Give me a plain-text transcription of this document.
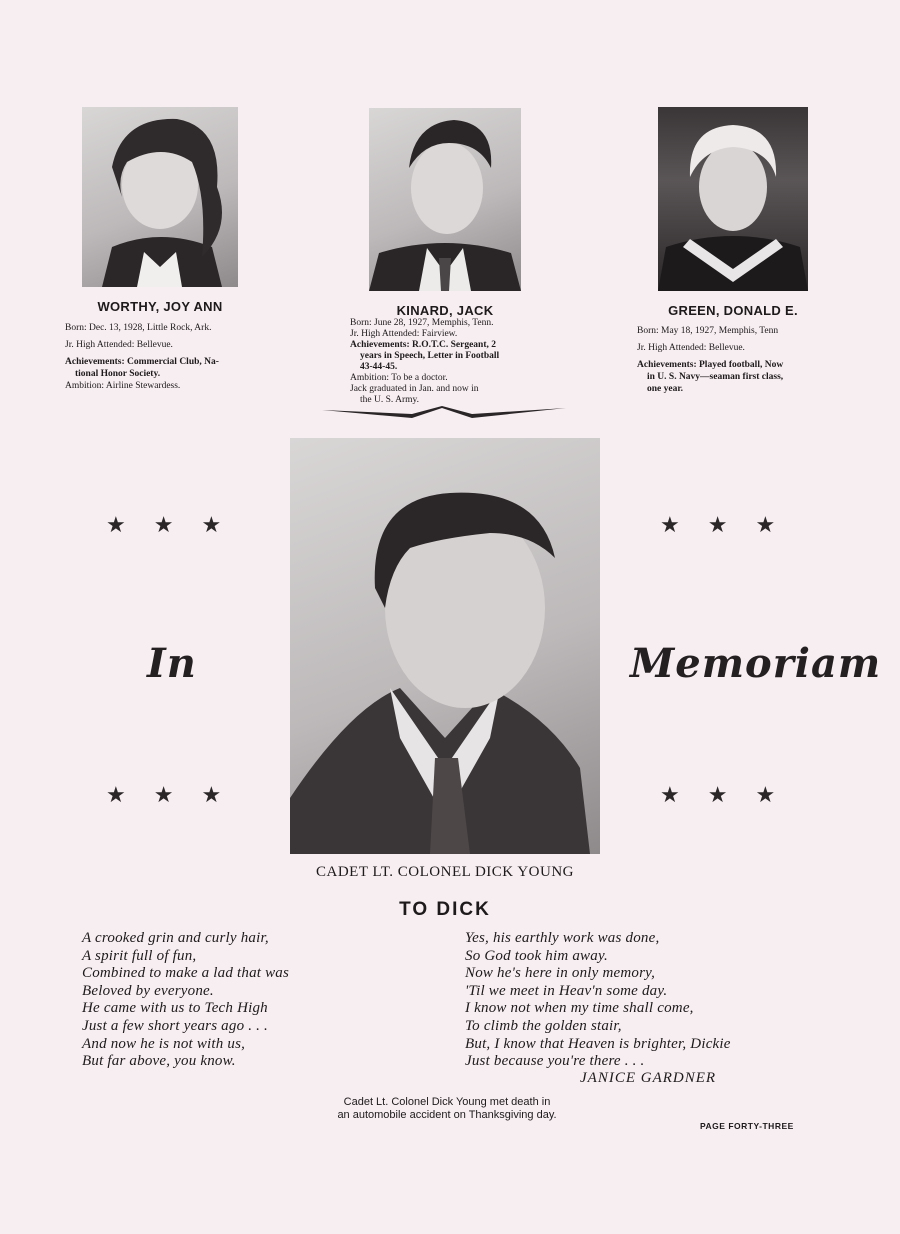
WORTHY, JOY ANN

Born: Dec. 13, 1928, Little Rock, Ark.

Jr. High Attended: Bellevue.

Achievements: Commercial Club, Na-

tional Honor Society.

Ambition: Airline Stewardess.

KINARD, JACK

Born: June 28, 1927, Memphis, Tenn.

Jr. High Attended: Fairview.

Achievements: R.O.T.C. Sergeant, 2

years in Speech, Letter in Football

43-44-45.

Ambition: To be a doctor.

Jack graduated in Jan. and now in

the U. S. Army.

GREEN, DONALD E.

Born: May 18, 1927, Memphis, Tenn

Jr. High Attended: Bellevue.

Achievements: Played football, Now

in U. S. Navy—seaman first class,

one year.

★ ★ ★	★ ★ ★
★ ★ ★	★ ★ ★
In	Memoriam
CADET LT. COLONEL DICK YOUNG
TO DICK
A crooked grin and curly hair,
A spirit full of fun,
Combined to make a lad that was
Beloved by everyone.
He came with us to Tech High
Just a few short years ago . . .
And now he is not with us,
But far above, you know.
Yes, his earthly work was done,
So God took him away.
Now he's here in only memory,
'Til we meet in Heav'n some day.
I know not when my time shall come,
To climb the golden stair,
But, I know that Heaven is brighter, Dickie
Just because you're there . . .
JANICE GARDNER
Cadet Lt. Colonel Dick Young met death in
an automobile accident on Thanksgiving day.
PAGE FORTY-THREE
